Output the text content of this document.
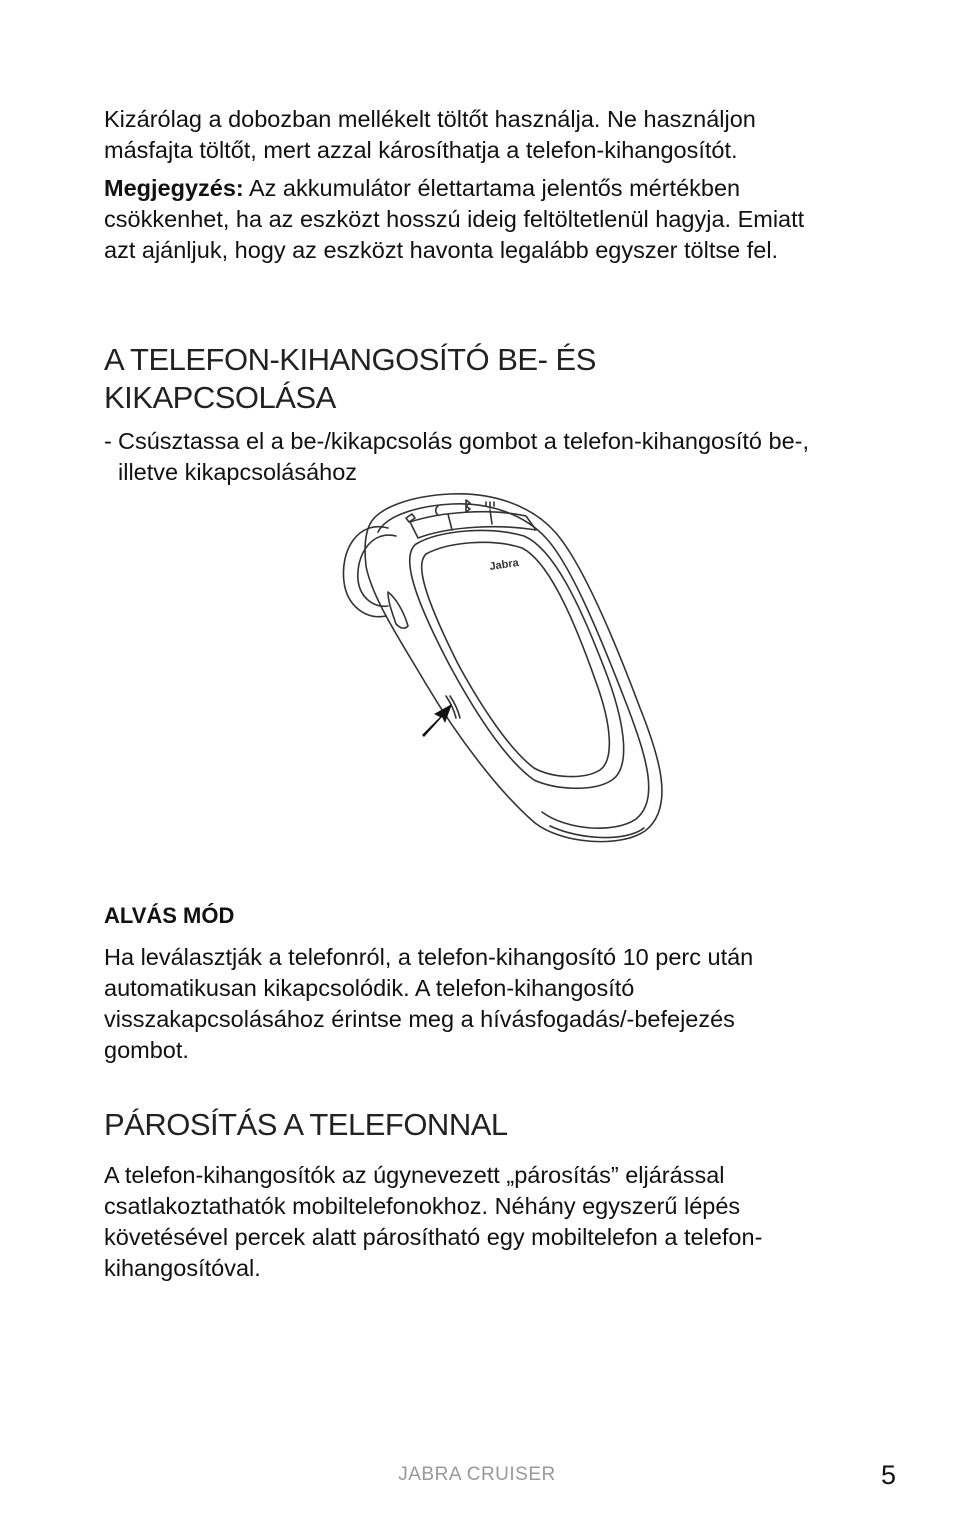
Kizárólag a dobozban mellékelt töltőt használja. Ne használjon másfajta töltőt, mert azzal károsíthatja a telefon-kihangosítót.

Megjegyzés: Az akkumulátor élettartama jelentős mértékben csökkenhet, ha az eszközt hosszú ideig feltöltetlenül hagyja. Emiatt azt ajánljuk, hogy az eszközt havonta legalább egyszer töltse fel.

A TELEFON-KIHANGOSÍTÓ BE- ÉS KIKAPCSOLÁSA
- Csúsztassa el a be-/kikapcsolás gombot a telefon-kihangosító be-, illetve kikapcsolásához
Jabra
ALVÁS MÓD

Ha leválasztják a telefonról, a telefon-kihangosító 10 perc után automatikusan kikapcsolódik. A telefon-kihangosító visszakapcsolásához érintse meg a hívásfogadás/-befejezés gombot.

PÁROSÍTÁS A TELEFONNAL

A telefon-kihangosítók az úgynevezett „párosítás” eljárással csatlakoztathatók mobiltelefonokhoz. Néhány egyszerű lépés követésével percek alatt párosítható egy mobiltelefon a telefon-kihangosítóval.

JABRA CRUISER	5
